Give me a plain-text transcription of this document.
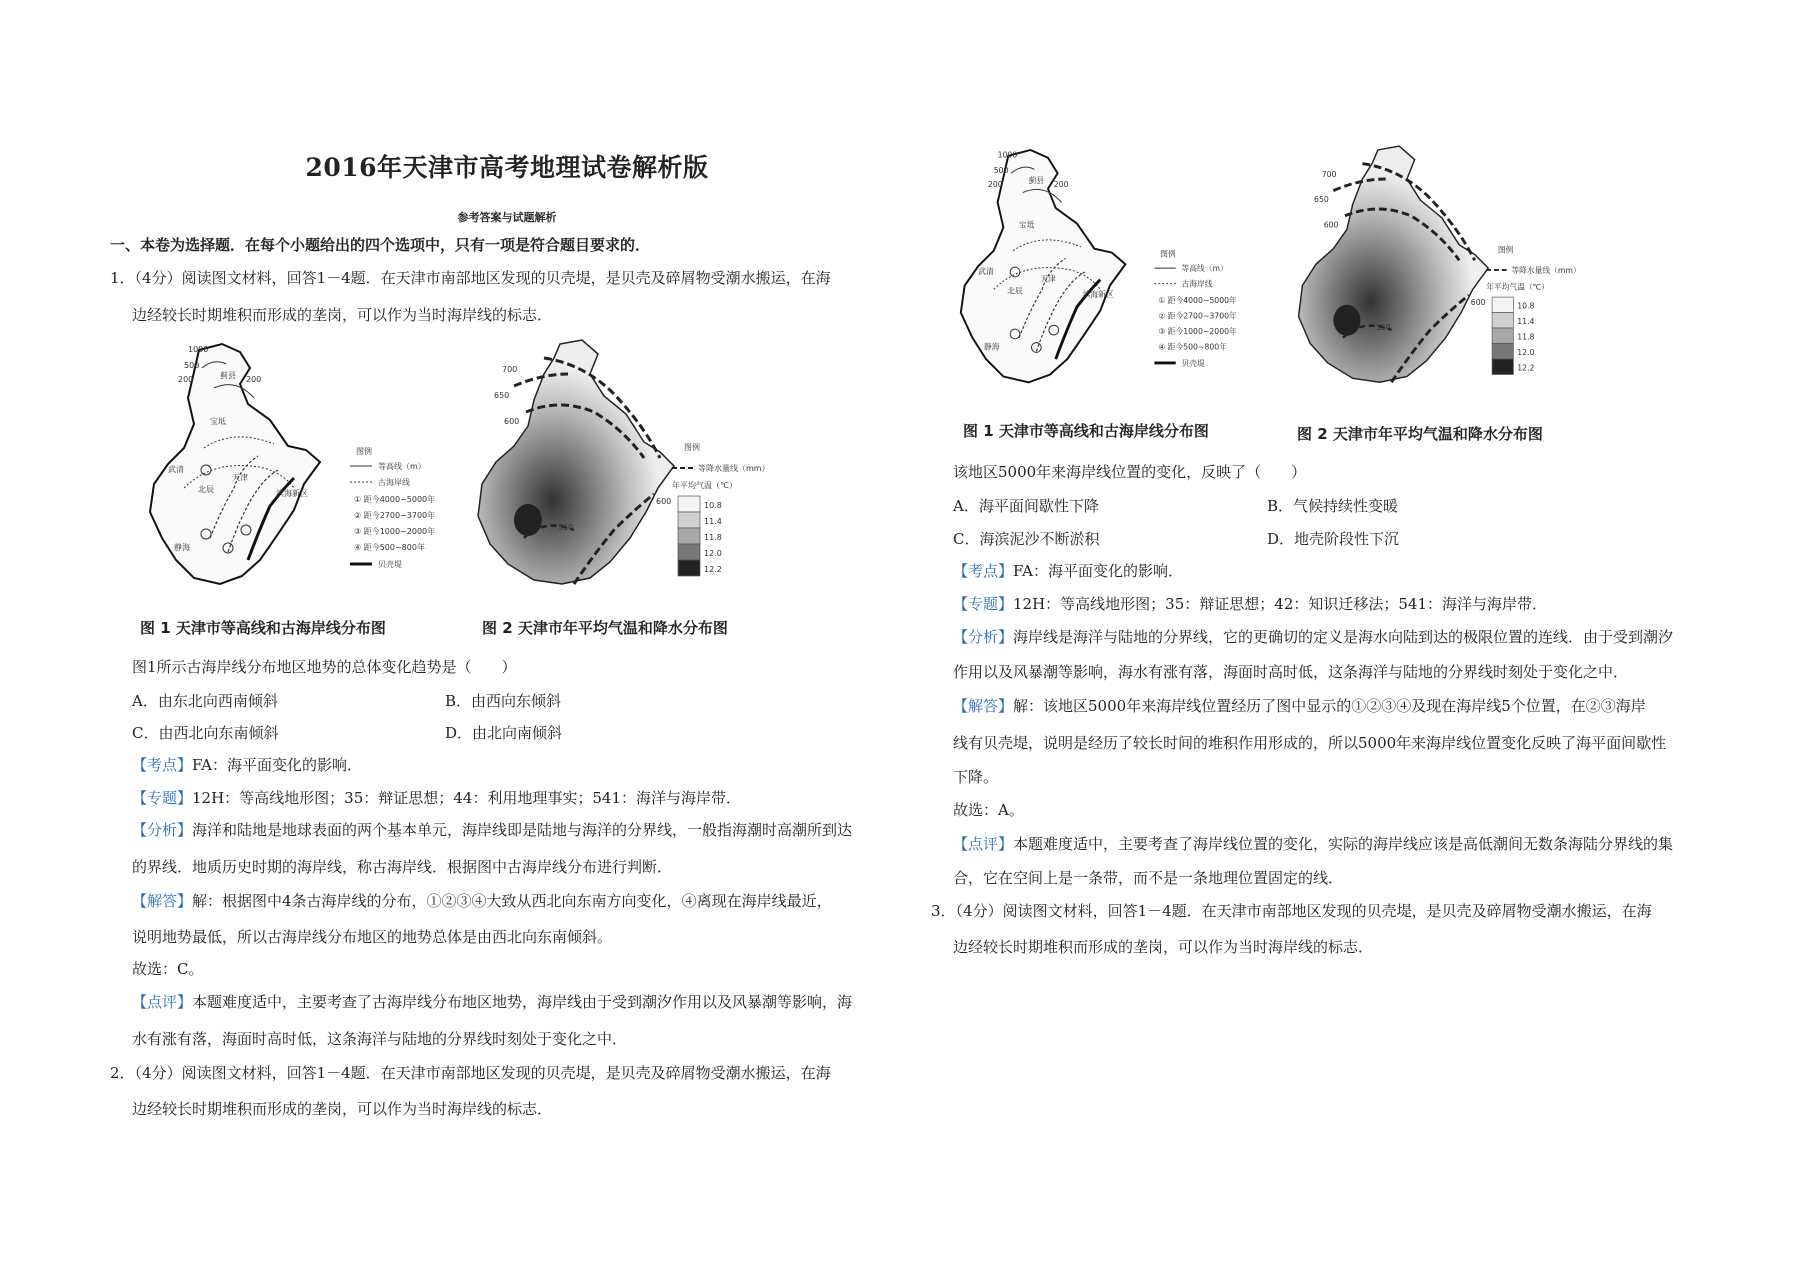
2016年天津市高考地理试卷解析版
参考答案与试题解析
一、本卷为选择题．在每个小题给出的四个选项中，只有一项是符合题目要求的．
1．（4分）阅读图文材料，回答1－4题．在天津市南部地区发现的贝壳堤，是贝壳及碎屑物受潮水搬运，在海
边经较长时期堆积而形成的垄岗，可以作为当时海岸线的标志．
1000
500
200	200
蓟县
宝坻
武清
北辰
天津
静海
滨海新区
图例
等高线（m）
古海岸线
① 距今4000~5000年
② 距今2700~3700年
③ 距今1000~2000年
④ 距今500~800年
贝壳堤
700
650
600
600
550
图例
等降水量线（mm）
年平均气温（℃）
10.8
11.4
11.8
12.0
12.2
图 1 天津市等高线和古海岸线分布图	图 2 天津市年平均气温和降水分布图
图1所示古海岸线分布地区地势的总体变化趋势是（　　）
A．由东北向西南倾斜	B．由西向东倾斜
C．由西北向东南倾斜	D．由北向南倾斜
【考点】FA：海平面变化的影响．
【专题】12H：等高线地形图；35：辩证思想；44：利用地理事实；541：海洋与海岸带．
【分析】海洋和陆地是地球表面的两个基本单元，海岸线即是陆地与海洋的分界线，一般指海潮时高潮所到达
的界线．地质历史时期的海岸线，称古海岸线．根据图中古海岸线分布进行判断．
【解答】解：根据图中4条古海岸线的分布，①②③④大致从西北向东南方向变化，④离现在海岸线最近，
说明地势最低，所以古海岸线分布地区的地势总体是由西北向东南倾斜。
故选：C。
【点评】本题难度适中，主要考查了古海岸线分布地区地势，海岸线由于受到潮汐作用以及风暴潮等影响，海
水有涨有落，海面时高时低，这条海洋与陆地的分界线时刻处于变化之中．
2．（4分）阅读图文材料，回答1－4题．在天津市南部地区发现的贝壳堤，是贝壳及碎屑物受潮水搬运，在海
边经较长时期堆积而形成的垄岗，可以作为当时海岸线的标志．
1000
500
200	200
蓟县
宝坻
武清
北辰
天津
静海
滨海新区
图例
等高线（m）
古海岸线
① 距今4000~5000年
② 距今2700~3700年
③ 距今1000~2000年
④ 距今500~800年
贝壳堤
700
650
600
600
550
图例
等降水量线（mm）
年平均气温（℃）
10.8
11.4
11.8
12.0
12.2
图 1 天津市等高线和古海岸线分布图	图 2 天津市年平均气温和降水分布图
该地区5000年来海岸线位置的变化，反映了（　　）
A．海平面间歇性下降	B．气候持续性变暖
C．海滨泥沙不断淤积	D．地壳阶段性下沉
【考点】FA：海平面变化的影响．
【专题】12H：等高线地形图；35：辩证思想；42：知识迁移法；541：海洋与海岸带．
【分析】海岸线是海洋与陆地的分界线，它的更确切的定义是海水向陆到达的极限位置的连线．由于受到潮汐
作用以及风暴潮等影响，海水有涨有落，海面时高时低，这条海洋与陆地的分界线时刻处于变化之中．
【解答】解：该地区5000年来海岸线位置经历了图中显示的①②③④及现在海岸线5个位置，在②③海岸
线有贝壳堤，说明是经历了较长时间的堆积作用形成的，所以5000年来海岸线位置变化反映了海平面间歇性
下降。
故选：A。
【点评】本题难度适中，主要考查了海岸线位置的变化，实际的海岸线应该是高低潮间无数条海陆分界线的集
合，它在空间上是一条带，而不是一条地理位置固定的线．
3．（4分）阅读图文材料，回答1－4题．在天津市南部地区发现的贝壳堤，是贝壳及碎屑物受潮水搬运，在海
边经较长时期堆积而形成的垄岗，可以作为当时海岸线的标志．
